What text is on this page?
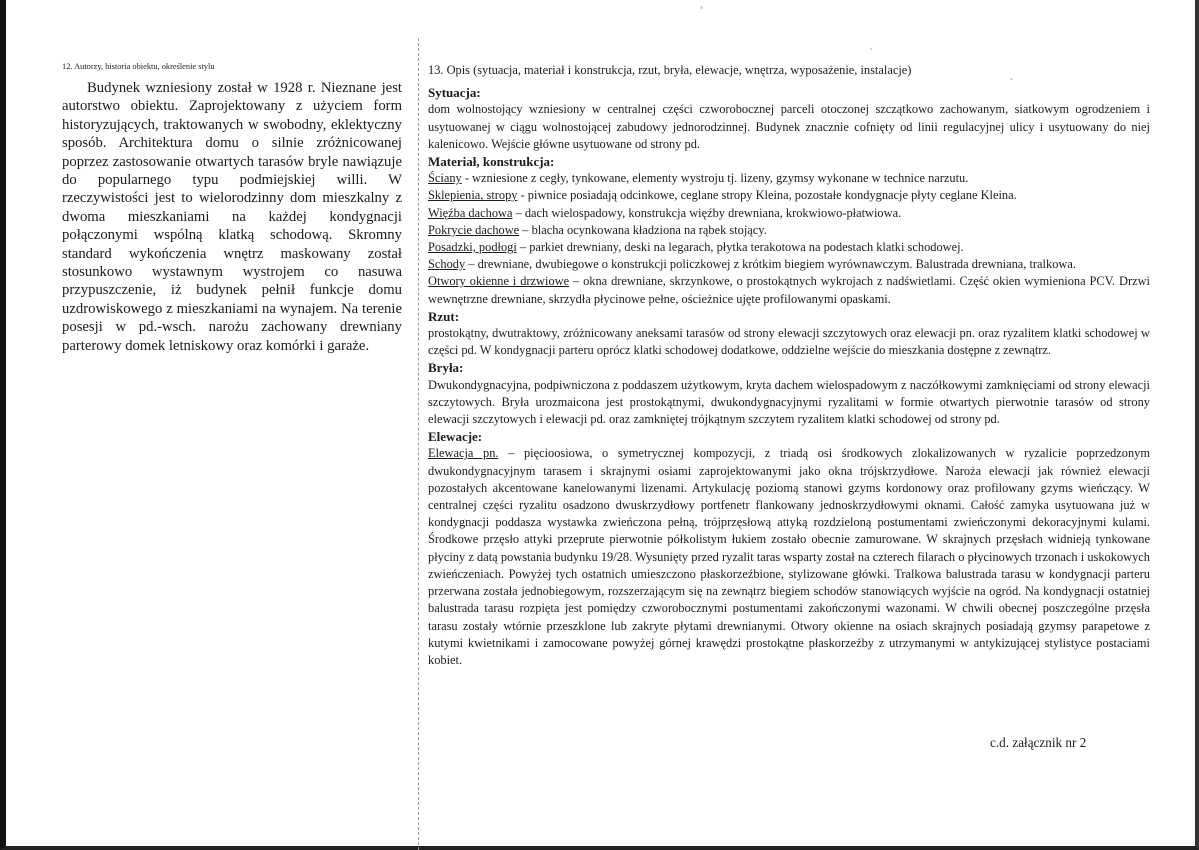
12. Autorzy, historia obiektu, określenie stylu

Budynek wzniesiony został w 1928 r. Nieznane jest autorstwo obiektu. Zaprojektowany z użyciem form historyzujących, traktowanych w swobodny, eklektyczny sposób. Architektura domu o silnie zróżnicowanej poprzez zastosowanie otwartych tarasów bryle nawiązuje do popularnego typu podmiejskiej willi. W rzeczywistości jest to wielorodzinny dom mieszkalny z dwoma mieszkaniami na każdej kondygnacji połączonymi wspólną klatką schodową. Skromny standard wykończenia wnętrz maskowany został stosunkowo wystawnym wystrojem co nasuwa przypuszczenie, iż budynek pełnił funkcje domu uzdrowiskowego z mieszkaniami na wynajem. Na terenie posesji w pd.-wsch. narożu zachowany drewniany parterowy domek letniskowy oraz komórki i garaże.

13. Opis (sytuacja, materiał i konstrukcja, rzut, bryła, elewacje, wnętrza, wyposażenie, instalacje)

Sytuacja:

dom wolnostojący wzniesiony w centralnej części czworobocznej parceli otoczonej szczątkowo zachowanym, siatkowym ogrodzeniem i usytuowanej w ciągu wolnostojącej zabudowy jednorodzinnej. Budynek znacznie cofnięty od linii regulacyjnej ulicy i usytuowany do niej kalenicowo. Wejście główne usytuowane od strony pd.

Materiał, konstrukcja:

Ściany - wzniesione z cegły, tynkowane, elementy wystroju tj. lizeny, gzymsy wykonane w technice narzutu.

Sklepienia, stropy - piwnice posiadają odcinkowe, ceglane stropy Kleina, pozostałe kondygnacje płyty ceglane Kleina.

Więźba dachowa – dach wielospadowy, konstrukcja więźby drewniana, krokwiowo-płatwiowa.

Pokrycie dachowe – blacha ocynkowana kładziona na rąbek stojący.

Posadzki, podłogi – parkiet drewniany, deski na legarach, płytka terakotowa na podestach klatki schodowej.

Schody – drewniane, dwubiegowe o konstrukcji policzkowej z krótkim biegiem wyrównawczym. Balustrada drewniana, tralkowa.

Otwory okienne i drzwiowe – okna drewniane, skrzynkowe, o prostokątnych wykrojach z nadświetlami. Część okien wymieniona PCV. Drzwi wewnętrzne drewniane, skrzydła płycinowe pełne, ościeżnice ujęte profilowanymi opaskami.

Rzut:

prostokątny, dwutraktowy, zróżnicowany aneksami tarasów od strony elewacji szczytowych oraz elewacji pn. oraz ryzalitem klatki schodowej w części pd. W kondygnacji parteru oprócz klatki schodowej dodatkowe, oddzielne wejście do mieszkania dostępne z zewnątrz.

Bryła:

Dwukondygnacyjna, podpiwniczona z poddaszem użytkowym, kryta dachem wielospadowym z naczółkowymi zamknięciami od strony elewacji szczytowych. Bryła urozmaicona jest prostokątnymi, dwukondygnacyjnymi ryzalitami w formie otwartych pierwotnie tarasów od strony elewacji szczytowych i elewacji pd. oraz zamkniętej trójkątnym szczytem ryzalitem klatki schodowej od strony pd.

Elewacje:

Elewacja pn. – pięcioosiowa, o symetrycznej kompozycji, z triadą osi środkowych zlokalizowanych w ryzalicie poprzedzonym dwukondygnacyjnym tarasem i skrajnymi osiami zaprojektowanymi jako okna trójskrzydłowe. Naroża elewacji jak również elewacji pozostałych akcentowane kanelowanymi lizenami. Artykulację poziomą stanowi gzyms kordonowy oraz profilowany gzyms wieńczący. W centralnej części ryzalitu osadzono dwuskrzydłowy portfenetr flankowany jednoskrzydłowymi oknami. Całość zamyka usytuowana już w kondygnacji poddasza wystawka zwieńczona pełną, trójprzęsłową attyką rozdzieloną postumentami zwieńczonymi dekoracyjnymi kulami. Środkowe przęsło attyki przeprute pierwotnie półkolistym łukiem zostało obecnie zamurowane. W skrajnych przęsłach widnieją tynkowane płyciny z datą powstania budynku 19/28. Wysunięty przed ryzalit taras wsparty został na czterech filarach o płycinowych trzonach i uskokowych zwieńczeniach. Powyżej tych ostatnich umieszczono płaskorzeźbione, stylizowane główki. Tralkowa balustrada tarasu w kondygnacji parteru przerwana została jednobiegowym, rozszerzającym się na zewnątrz biegiem schodów stanowiących wyjście na ogród. Na kondygnacji ostatniej balustrada tarasu rozpięta jest pomiędzy czworobocznymi postumentami zakończonymi wazonami. W chwili obecnej poszczególne przęsła tarasu zostały wtórnie przeszklone lub zakryte płytami drewnianymi. Otwory okienne na osiach skrajnych posiadają gzymsy parapetowe z kutymi kwietnikami i zamocowane powyżej górnej krawędzi prostokątne płaskorzeźby z utrzymanymi w antykizującej stylistyce postaciami kobiet.

c.d. załącznik nr 2
